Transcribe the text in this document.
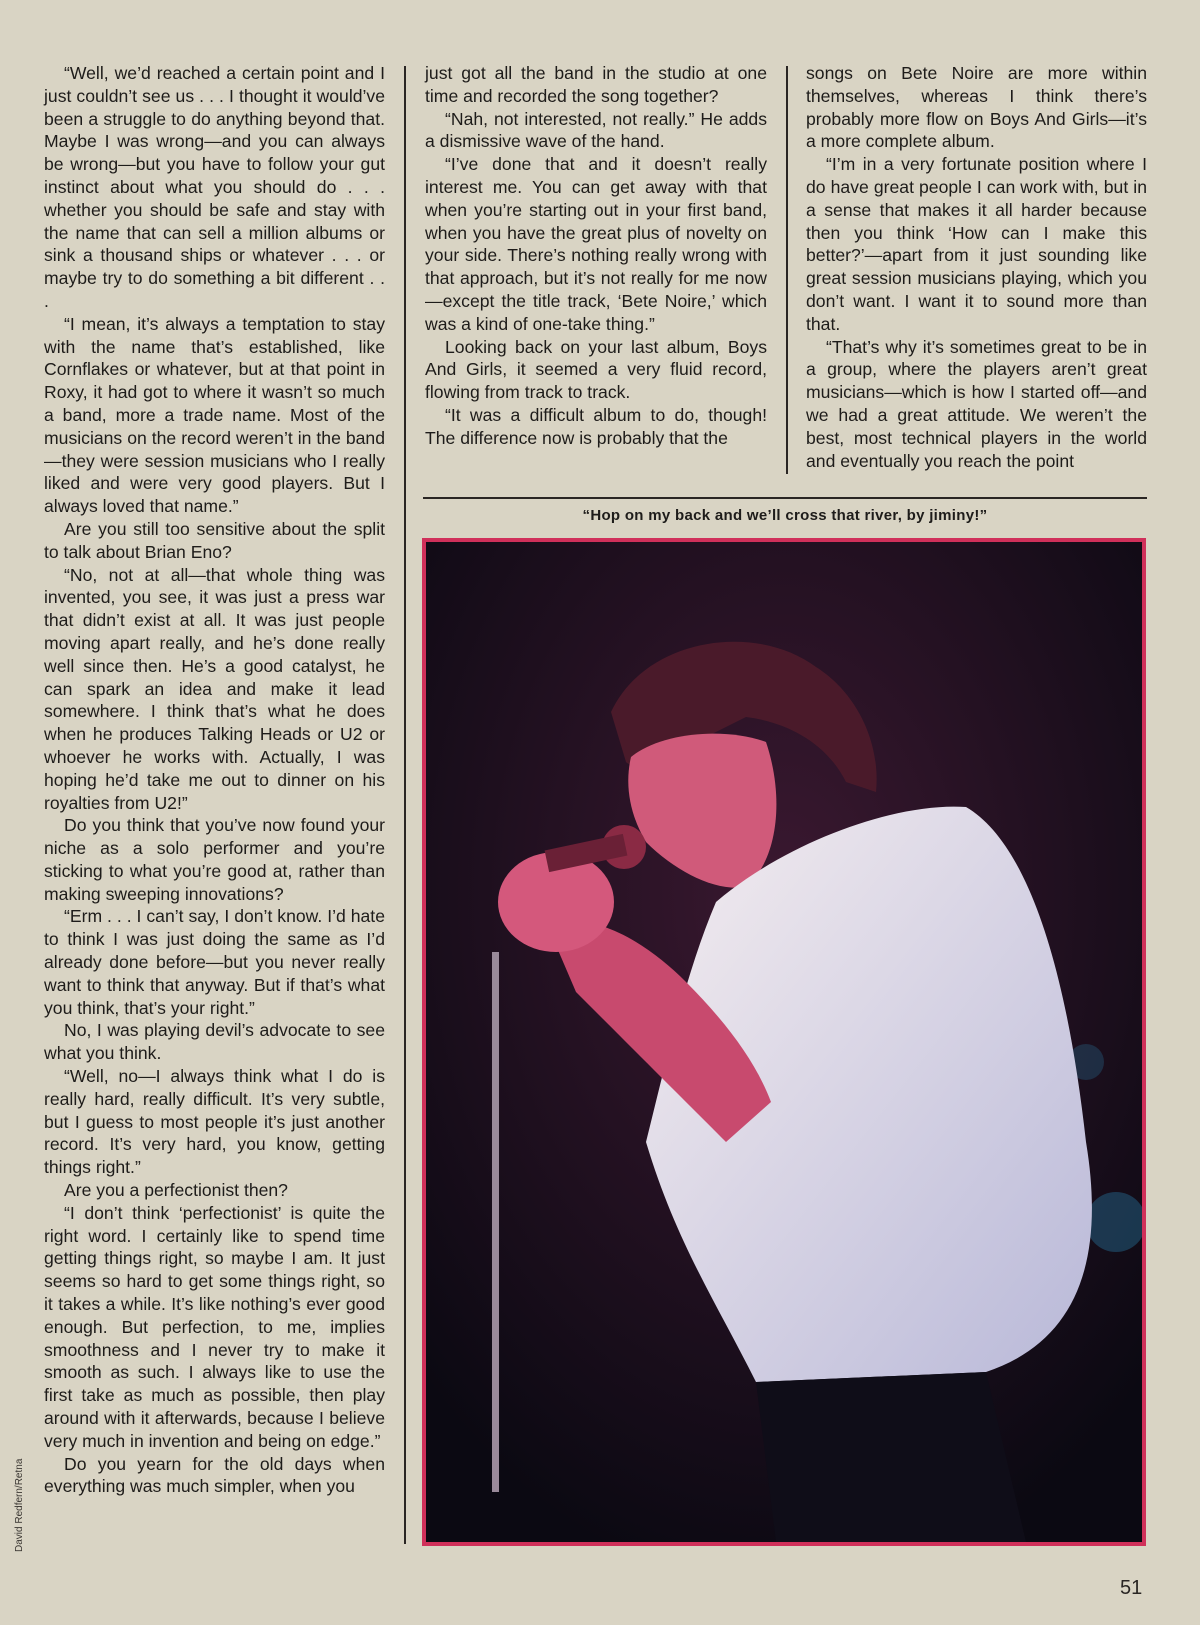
“Well, we’d reached a certain point and I just couldn’t see us . . . I thought it would’ve been a struggle to do anything beyond that. Maybe I was wrong—and you can always be wrong—but you have to follow your gut instinct about what you should do . . . whether you should be safe and stay with the name that can sell a million albums or sink a thousand ships or whatever . . . or maybe try to do something a bit different . . .

“I mean, it’s always a temptation to stay with the name that’s established, like Cornflakes or whatever, but at that point in Roxy, it had got to where it wasn’t so much a band, more a trade name. Most of the musicians on the record weren’t in the band—they were session musicians who I really liked and were very good players. But I always loved that name.”

Are you still too sensitive about the split to talk about Brian Eno?

“No, not at all—that whole thing was invented, you see, it was just a press war that didn’t exist at all. It was just people moving apart really, and he’s done really well since then. He’s a good catalyst, he can spark an idea and make it lead somewhere. I think that’s what he does when he produces Talking Heads or U2 or whoever he works with. Actually, I was hoping he’d take me out to dinner on his royalties from U2!”

Do you think that you’ve now found your niche as a solo performer and you’re sticking to what you’re good at, rather than making sweeping innovations?

“Erm . . . I can’t say, I don’t know. I’d hate to think I was just doing the same as I’d already done before—but you never really want to think that anyway. But if that’s what you think, that’s your right.”

No, I was playing devil’s advocate to see what you think.

“Well, no—I always think what I do is really hard, really difficult. It’s very subtle, but I guess to most people it’s just another record. It’s very hard, you know, getting things right.”

Are you a perfectionist then?

“I don’t think ‘perfectionist’ is quite the right word. I certainly like to spend time getting things right, so maybe I am. It just seems so hard to get some things right, so it takes a while. It’s like nothing’s ever good enough. But perfection, to me, implies smoothness and I never try to make it smooth as such. I always like to use the first take as much as possible, then play around with it afterwards, because I believe very much in invention and being on edge.”

Do you yearn for the old days when everything was much simpler, when you

just got all the band in the studio at one time and recorded the song together?

“Nah, not interested, not really.” He adds a dismissive wave of the hand.

“I’ve done that and it doesn’t really interest me. You can get away with that when you’re starting out in your first band, when you have the great plus of novelty on your side. There’s nothing really wrong with that approach, but it’s not really for me now—except the title track, ‘Bete Noire,’ which was a kind of one-take thing.”

Looking back on your last album, Boys And Girls, it seemed a very fluid record, flowing from track to track.

“It was a difficult album to do, though! The difference now is probably that the

songs on Bete Noire are more within themselves, whereas I think there’s probably more flow on Boys And Girls—it’s a more complete album.

“I’m in a very fortunate position where I do have great people I can work with, but in a sense that makes it all harder because then you think ‘How can I make this better?’—apart from it just sounding like great session musicians playing, which you don’t want. I want it to sound more than that.

“That’s why it’s sometimes great to be in a group, where the players aren’t great musicians—which is how I started off—and we had a great attitude. We weren’t the best, most technical players in the world and eventually you reach the point

“Hop on my back and we’ll cross that river, by jiminy!”
David Redfern/Retna
51
